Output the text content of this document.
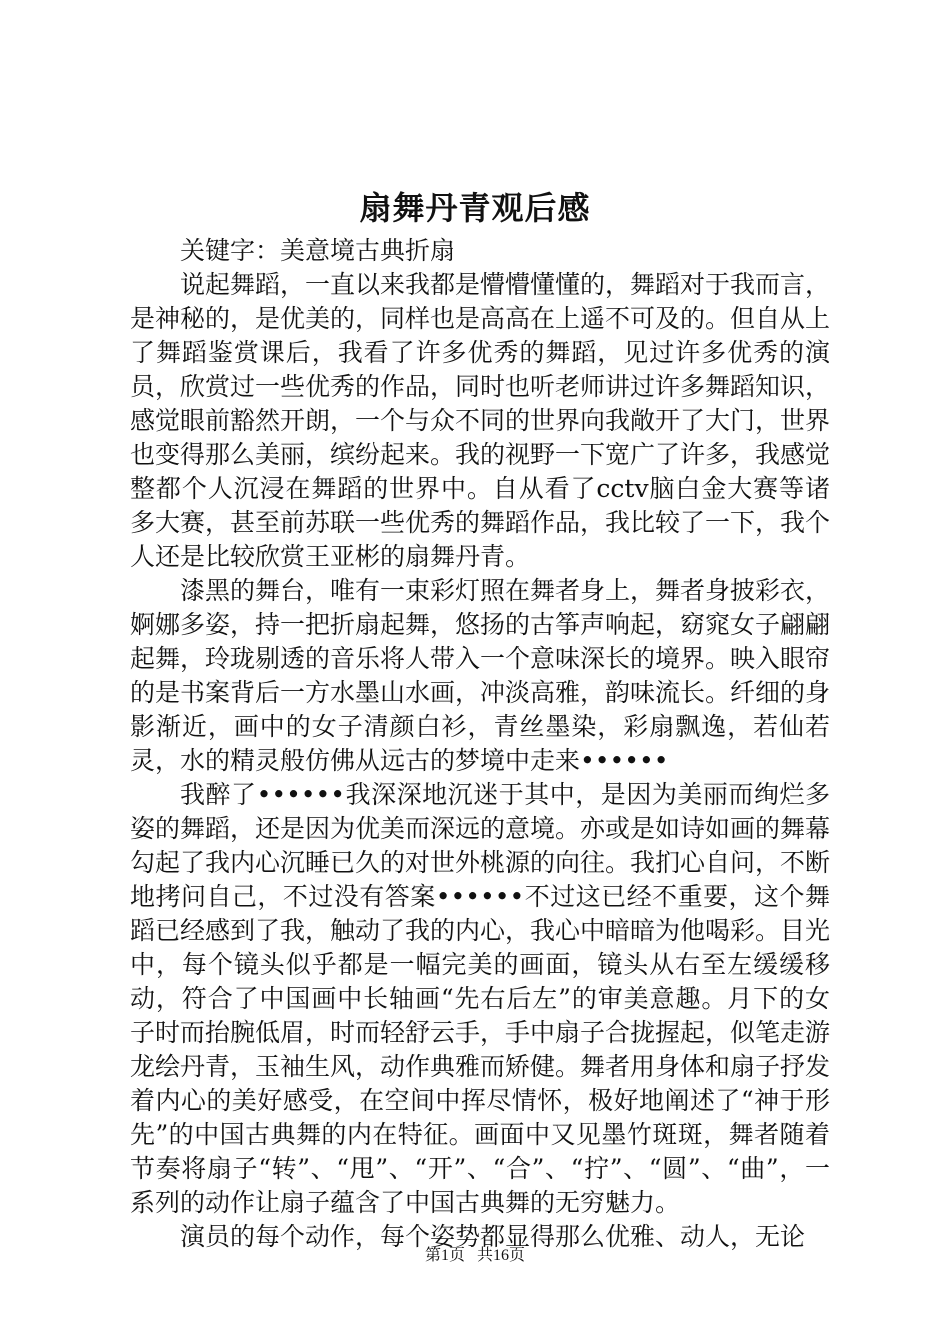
扇舞丹青观后感

关键字：美意境古典折扇

说起舞蹈，一直以来我都是懵懵懂懂的，舞蹈对于我而言，是神秘的，是优美的，同样也是高高在上遥不可及的。但自从上了舞蹈鉴赏课后，我看了许多优秀的舞蹈，见过许多优秀的演员，欣赏过一些优秀的作品，同时也听老师讲过许多舞蹈知识，感觉眼前豁然开朗，一个与众不同的世界向我敞开了大门，世界也变得那么美丽，缤纷起来。我的视野一下宽广了许多，我感觉整都个人沉浸在舞蹈的世界中。自从看了cctv脑白金大赛等诸多大赛，甚至前苏联一些优秀的舞蹈作品，我比较了一下，我个人还是比较欣赏王亚彬的扇舞丹青。

漆黑的舞台，唯有一束彩灯照在舞者身上，舞者身披彩衣，婀娜多姿，持一把折扇起舞，悠扬的古筝声响起，窈窕女子翩翩起舞，玲珑剔透的音乐将人带入一个意味深长的境界。映入眼帘的是书案背后一方水墨山水画，冲淡高雅，韵味流长。纤细的身影渐近，画中的女子清颜白衫，青丝墨染，彩扇飘逸，若仙若灵，水的精灵般仿佛从远古的梦境中走来••••••

我醉了••••••我深深地沉迷于其中，是因为美丽而绚烂多姿的舞蹈，还是因为优美而深远的意境。亦或是如诗如画的舞幕勾起了我内心沉睡已久的对世外桃源的向往。我扪心自问，不断地拷问自己，不过没有答案••••••不过这已经不重要，这个舞蹈已经感到了我，触动了我的内心，我心中暗暗为他喝彩。目光中，每个镜头似乎都是一幅完美的画面，镜头从右至左缓缓移动，符合了中国画中长轴画“先右后左”的审美意趣。月下的女子时而抬腕低眉，时而轻舒云手，手中扇子合拢握起，似笔走游龙绘丹青，玉袖生风，动作典雅而矫健。舞者用身体和扇子抒发着内心的美好感受，在空间中挥尽情怀，极好地阐述了“神于形先”的中国古典舞的内在特征。画面中又见墨竹斑斑，舞者随着节奏将扇子“转”、“甩”、“开”、“合”、“拧”、“圆”、“曲”，一系列的动作让扇子蕴含了中国古典舞的无穷魅力。

演员的每个动作，每个姿势都显得那么优雅、动人，无论

第1页 共16页
